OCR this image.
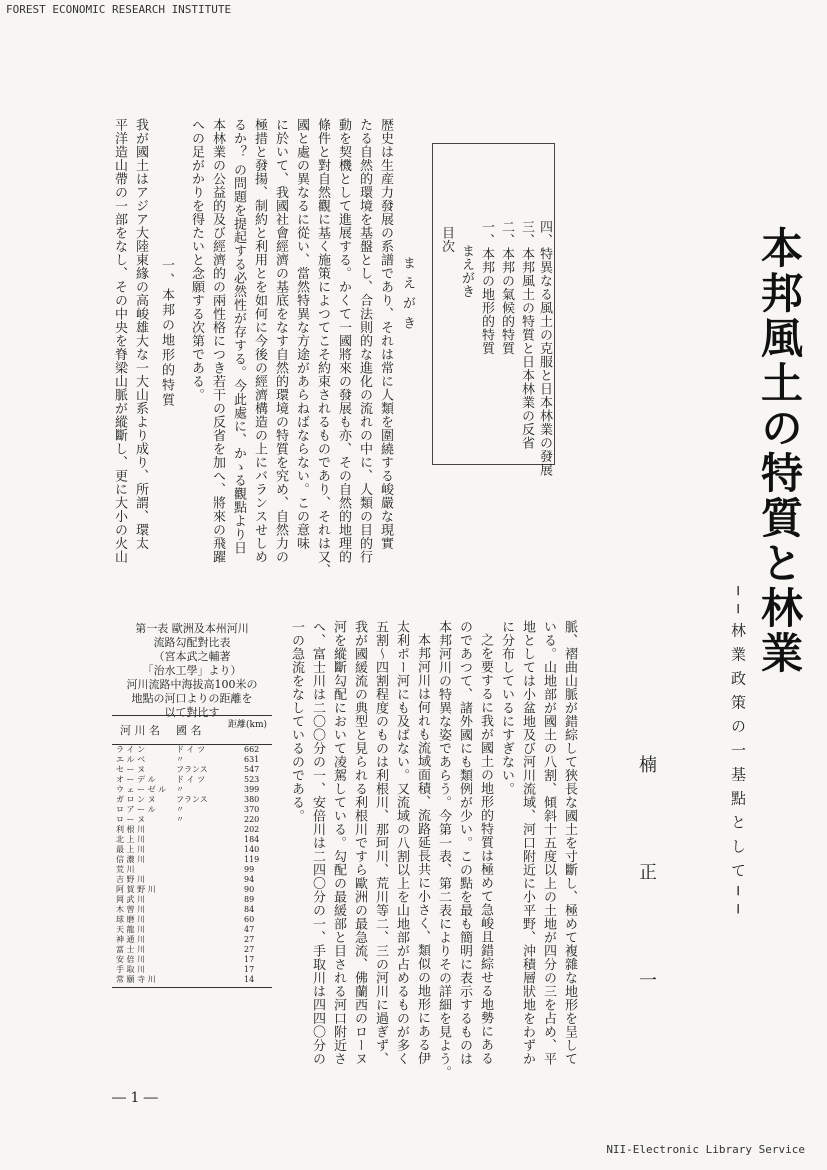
FOREST ECONOMIC RESEARCH INSTITUTE
本邦風土の特質と林業
──林業政策の一基點として──
楠 正 一
目次
まえがき 一、本邦の地形的特質 二、本邦の氣候的特質 三、本邦風土の特質と日本林業の反省 四、特異なる風土の克服と日本林業の發展
まえがき
歴史は生産力發展の系譜であり、それは常に人類を圍繞する峻嚴な現實
たる自然的環境を基盤とし、合法則的な進化の流れの中に、人類の目的行
動を契機として進展する。かくて一國將來の發展も亦、その自然的地理的
條件と對自然觀に基く施策によつてこそ約束されるものであり、それは又、
國と處の異なるに從い、當然特異な方途があらねばならない。この意味
に於いて、我國社會經濟の基底をなす自然的環境の特質を究め、自然力の
極措と發揚、制約と利用とを如何に今後の經濟構造の上にバランスせしめ
るか？ の問題を提起する必然性が存する。今此處に、かゝる觀點より日
本林業の公益的及び經濟的の兩性格につき若干の反省を加へ、將來の飛躍
への足がかりを得たいと念願する次第である。
一、本邦の地形的特質
我が國土はアジア大陸東緣の高峻雄大な一大山系より成り、所謂、環太
平洋造山帶の一部をなし、その中央を脊梁山脈が縱斷し、更に大小の火山
脈、褶曲山脈が錯綜して狹長な國土を寸斷し、極めて複雜な地形を呈して
いる。山地部が國土の八割、傾斜十五度以上の土地が四分の三を占め、平
地としては小盆地及び河川流域、河口附近に小平野、沖積層狀地をわずか
に分布しているにすぎない。
之を要するに我が國土の地形的特質は極めて急峻且錯綜せる地勢にある
のであつて、諸外國にも類例が少い。この點を最も簡明に表示するものは
本邦河川の特異な姿であらう。今第一表、第二表によりその詳細を見よう。
本邦河川は何れも流域面積、流路延長共に小さく、類似の地形にある伊
太利ポー河にも及ばない。又流域の八割以上を山地部が占めるものが多く
五割～四割程度のものは利根川、那珂川、荒川等二、三の河川に過ぎず、
我が國緩流の典型と見られる利根川ですら歐洲の最急流、佛蘭西のローヌ
河を縱斷勾配において凌駕している。勾配の最緩部と目される河口附近さ
へ、富士川は二〇〇分の一、安倍川は二四〇分の一、手取川は四四〇分の
一の急流をなしているのである。
第一表 歐洲及本州河川
流路勾配對比表
（宮本武之輔著
「治水工學」より）
河川流路中海拔高100米の
地點の河口よりの距離を
以て對比す
河 川 名 國 名	距離(km)
ラ イ ン	ド イ ツ	662
エ ル ベ	〃	631
セ ー ヌ	フランス	547
オ ー デ ル	ド イ ツ	523
ウ ェ ー ゼ ル 〃	399
ガ ロ ン ヌ	フランス	380
ロ ア ー ル	〃	370
ロ ー ヌ	〃	220
利 根 川	202
北 上 川	184
最 上 川	140
信 濃 川	119
荒 川	99
吉 野 川	94
阿 賀 野 川	90
岡 武 川	89
木 曾 川	84
球 磨 川	60
天 龍 川	47
神 通 川	27
富 士 川	27
安 倍 川	17
手 取 川	17
常 願 寺 川	14
― 1 ―
NII-Electronic Library Service
